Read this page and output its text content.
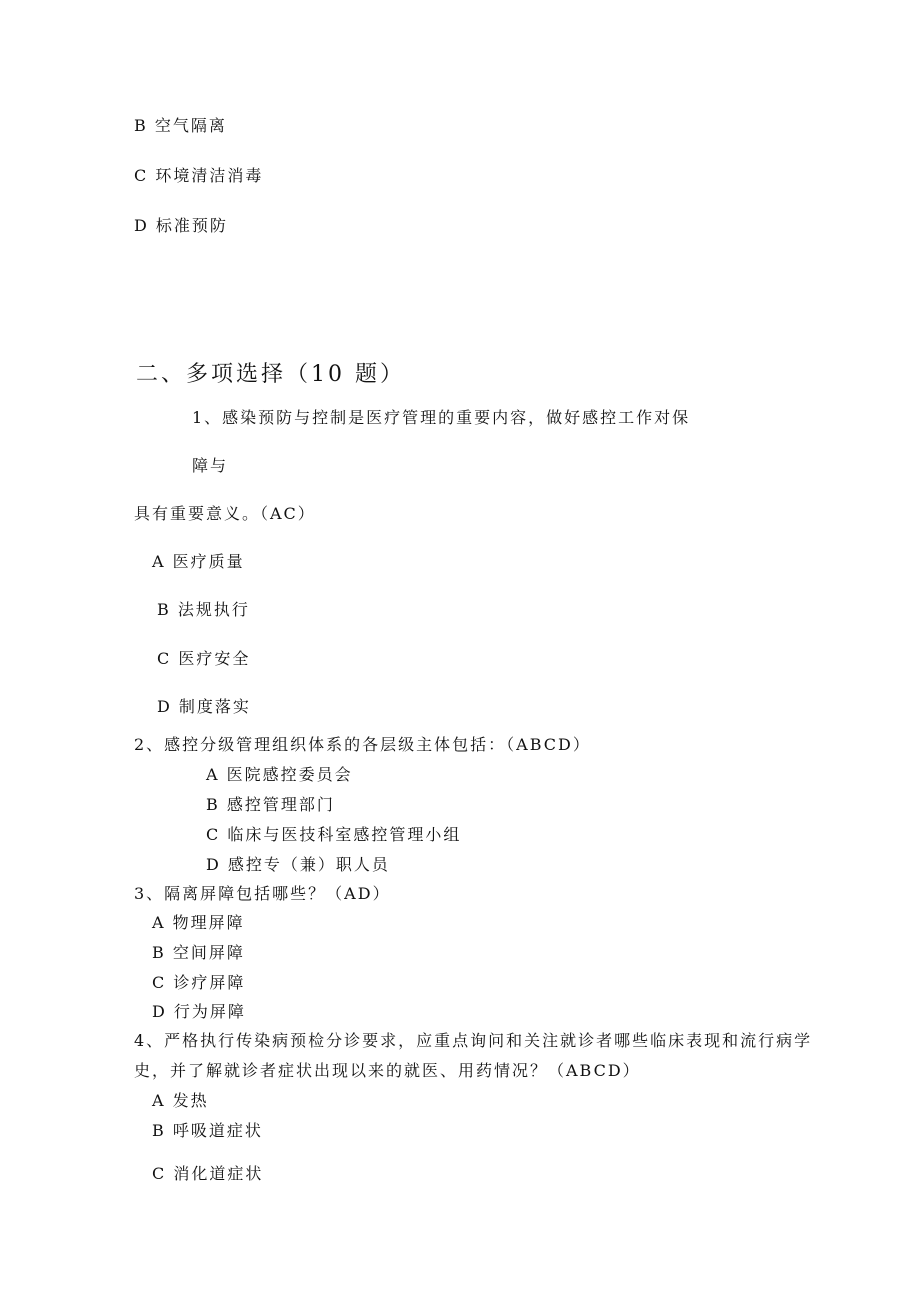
B 空气隔离
C 环境清洁消毒
D 标准预防
二、多项选择（10 题）
1、感染预防与控制是医疗管理的重要内容，做好感控工作对保
障与
具有重要意义。（AC）
A 医疗质量
B 法规执行
C 医疗安全
D 制度落实
2、感控分级管理组织体系的各层级主体包括：（ABCD）
A 医院感控委员会
B 感控管理部门
C 临床与医技科室感控管理小组
D 感控专（兼）职人员
3、隔离屏障包括哪些？（AD）
A 物理屏障
B 空间屏障
C 诊疗屏障
D 行为屏障
4、严格执行传染病预检分诊要求，应重点询问和关注就诊者哪些临床表现和流行病学
史，并了解就诊者症状出现以来的就医、用药情况？（ABCD）
A 发热
B 呼吸道症状
C 消化道症状
